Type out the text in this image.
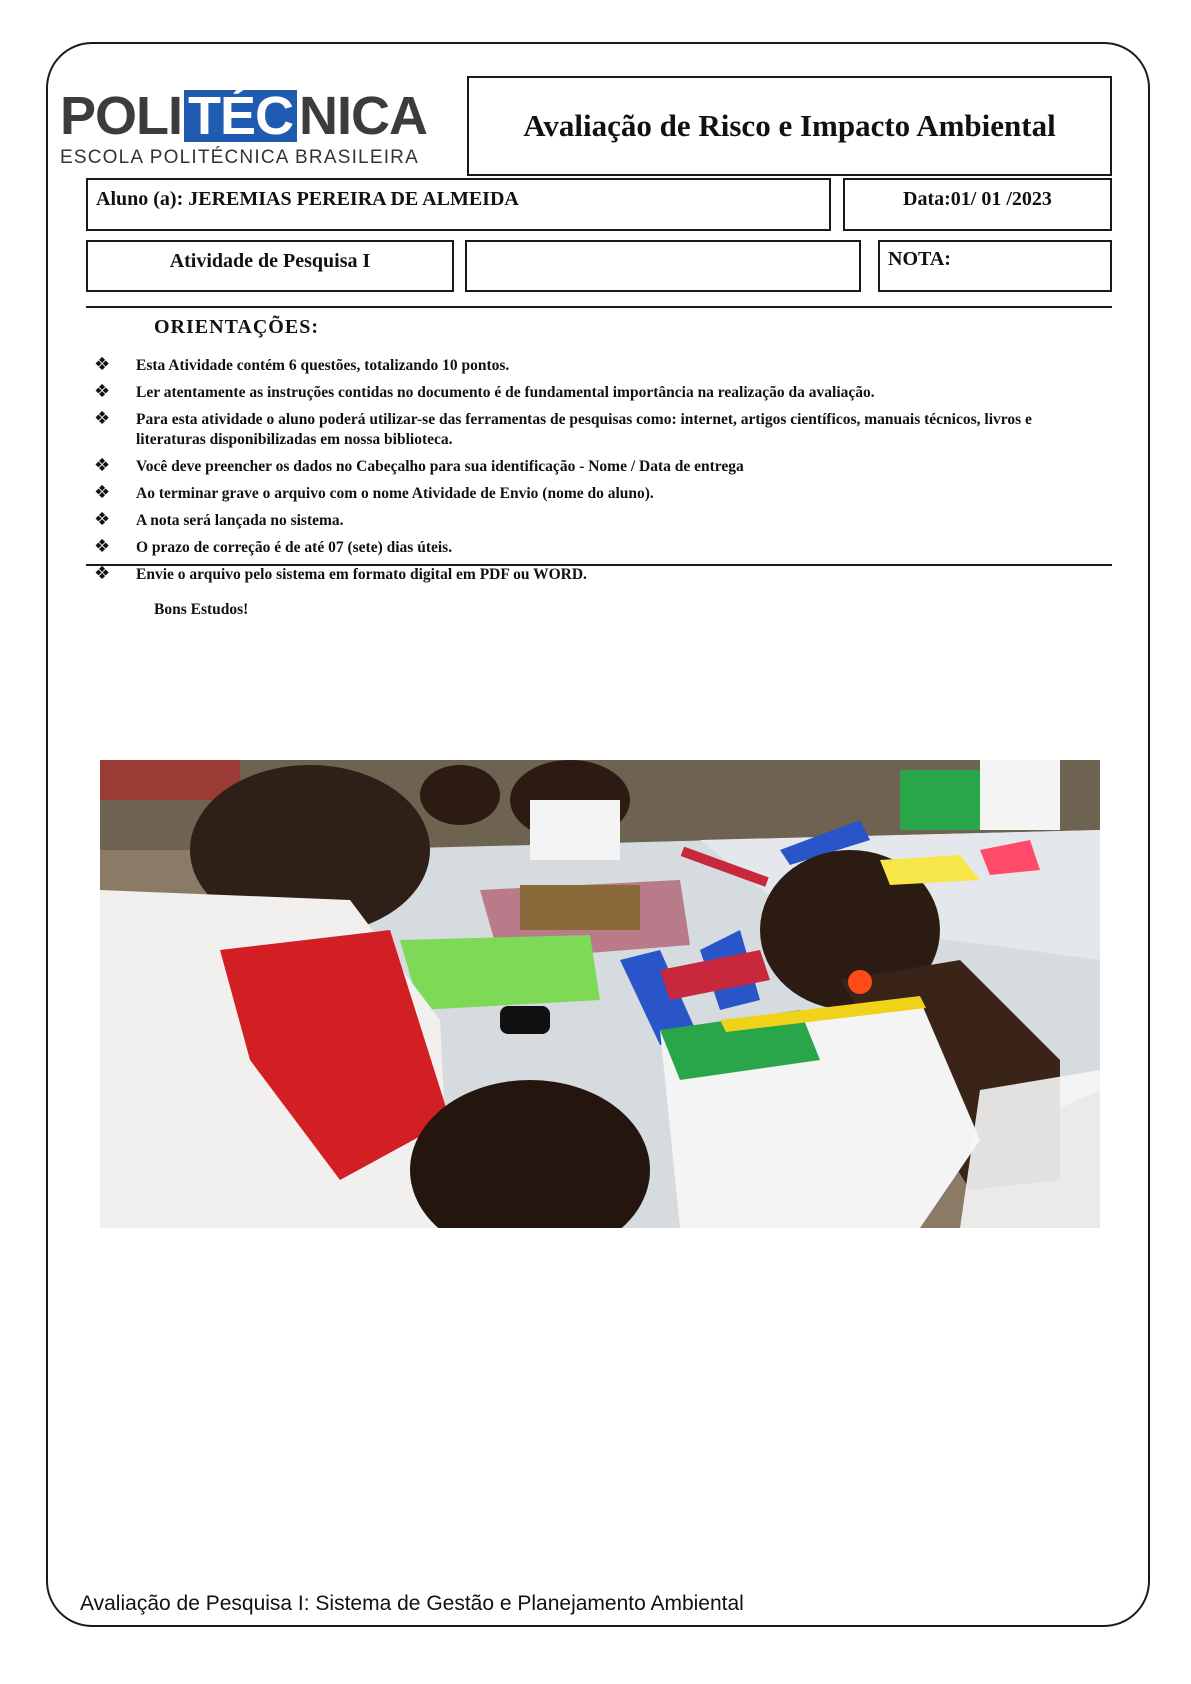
POLI TÉC NICA
ESCOLA POLITÉCNICA BRASILEIRA
Avaliação de Risco e Impacto Ambiental
Aluno (a): JEREMIAS PEREIRA DE ALMEIDA	Data:01/ 01 /2023
Atividade de Pesquisa I	NOTA:
ORIENTAÇÕES:
❖	Esta Atividade contém 6 questões, totalizando 10 pontos.
❖	Ler atentamente as instruções contidas no documento é de fundamental importância na realização da avaliação.
❖	Para esta atividade o aluno poderá utilizar-se das ferramentas de pesquisas como: internet, artigos científicos, manuais técnicos, livros e literaturas disponibilizadas em nossa biblioteca.
❖	Você deve preencher os dados no Cabeçalho para sua identificação - Nome / Data de entrega
❖	Ao terminar grave o arquivo com o nome Atividade de Envio (nome do aluno).
❖	A nota será lançada no sistema.
❖	O prazo de correção é de até 07 (sete) dias úteis.
❖	Envie o arquivo pelo sistema em formato digital em PDF ou WORD.
Bons Estudos!
Avaliação de Pesquisa I: Sistema de Gestão e Planejamento Ambiental
